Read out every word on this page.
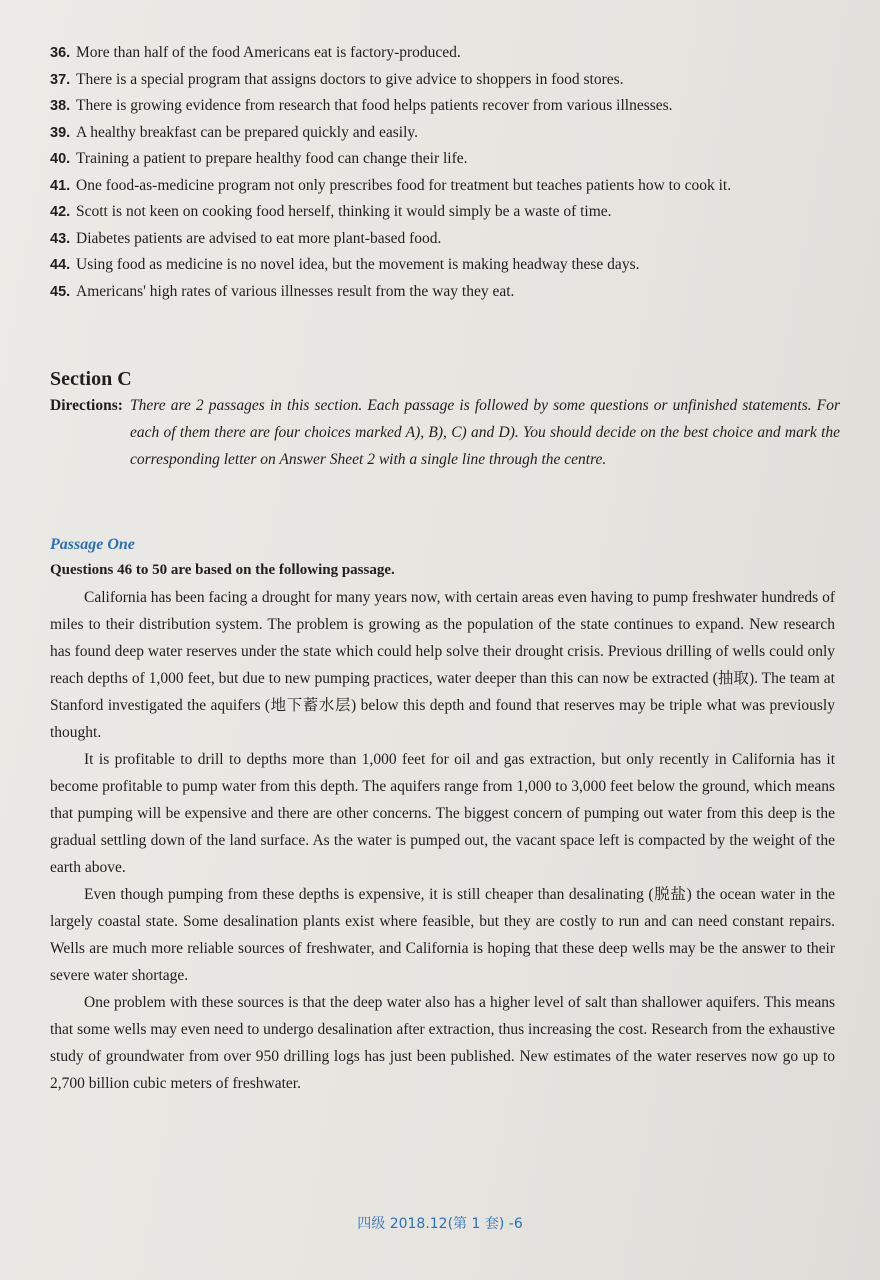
36. More than half of the food Americans eat is factory-produced.
37. There is a special program that assigns doctors to give advice to shoppers in food stores.
38. There is growing evidence from research that food helps patients recover from various illnesses.
39. A healthy breakfast can be prepared quickly and easily.
40. Training a patient to prepare healthy food can change their life.
41. One food-as-medicine program not only prescribes food for treatment but teaches patients how to cook it.
42. Scott is not keen on cooking food herself, thinking it would simply be a waste of time.
43. Diabetes patients are advised to eat more plant-based food.
44. Using food as medicine is no novel idea, but the movement is making headway these days.
45. Americans' high rates of various illnesses result from the way they eat.
Section C
Directions: There are 2 passages in this section. Each passage is followed by some questions or unfinished statements. For each of them there are four choices marked A), B), C) and D). You should decide on the best choice and mark the corresponding letter on Answer Sheet 2 with a single line through the centre.
Passage One
Questions 46 to 50 are based on the following passage.

California has been facing a drought for many years now, with certain areas even having to pump freshwater hundreds of miles to their distribution system. The problem is growing as the population of the state continues to expand. New research has found deep water reserves under the state which could help solve their drought crisis. Previous drilling of wells could only reach depths of 1,000 feet, but due to new pumping practices, water deeper than this can now be extracted (抽取). The team at Stanford investigated the aquifers (地下蓄水层) below this depth and found that reserves may be triple what was previously thought.

It is profitable to drill to depths more than 1,000 feet for oil and gas extraction, but only recently in California has it become profitable to pump water from this depth. The aquifers range from 1,000 to 3,000 feet below the ground, which means that pumping will be expensive and there are other concerns. The biggest concern of pumping out water from this deep is the gradual settling down of the land surface. As the water is pumped out, the vacant space left is compacted by the weight of the earth above.

Even though pumping from these depths is expensive, it is still cheaper than desalinating (脱盐) the ocean water in the largely coastal state. Some desalination plants exist where feasible, but they are costly to run and can need constant repairs. Wells are much more reliable sources of freshwater, and California is hoping that these deep wells may be the answer to their severe water shortage.

One problem with these sources is that the deep water also has a higher level of salt than shallower aquifers. This means that some wells may even need to undergo desalination after extraction, thus increasing the cost. Research from the exhaustive study of groundwater from over 950 drilling logs has just been published. New estimates of the water reserves now go up to 2,700 billion cubic meters of freshwater.

四级 2018.12(第 1 套) -6
